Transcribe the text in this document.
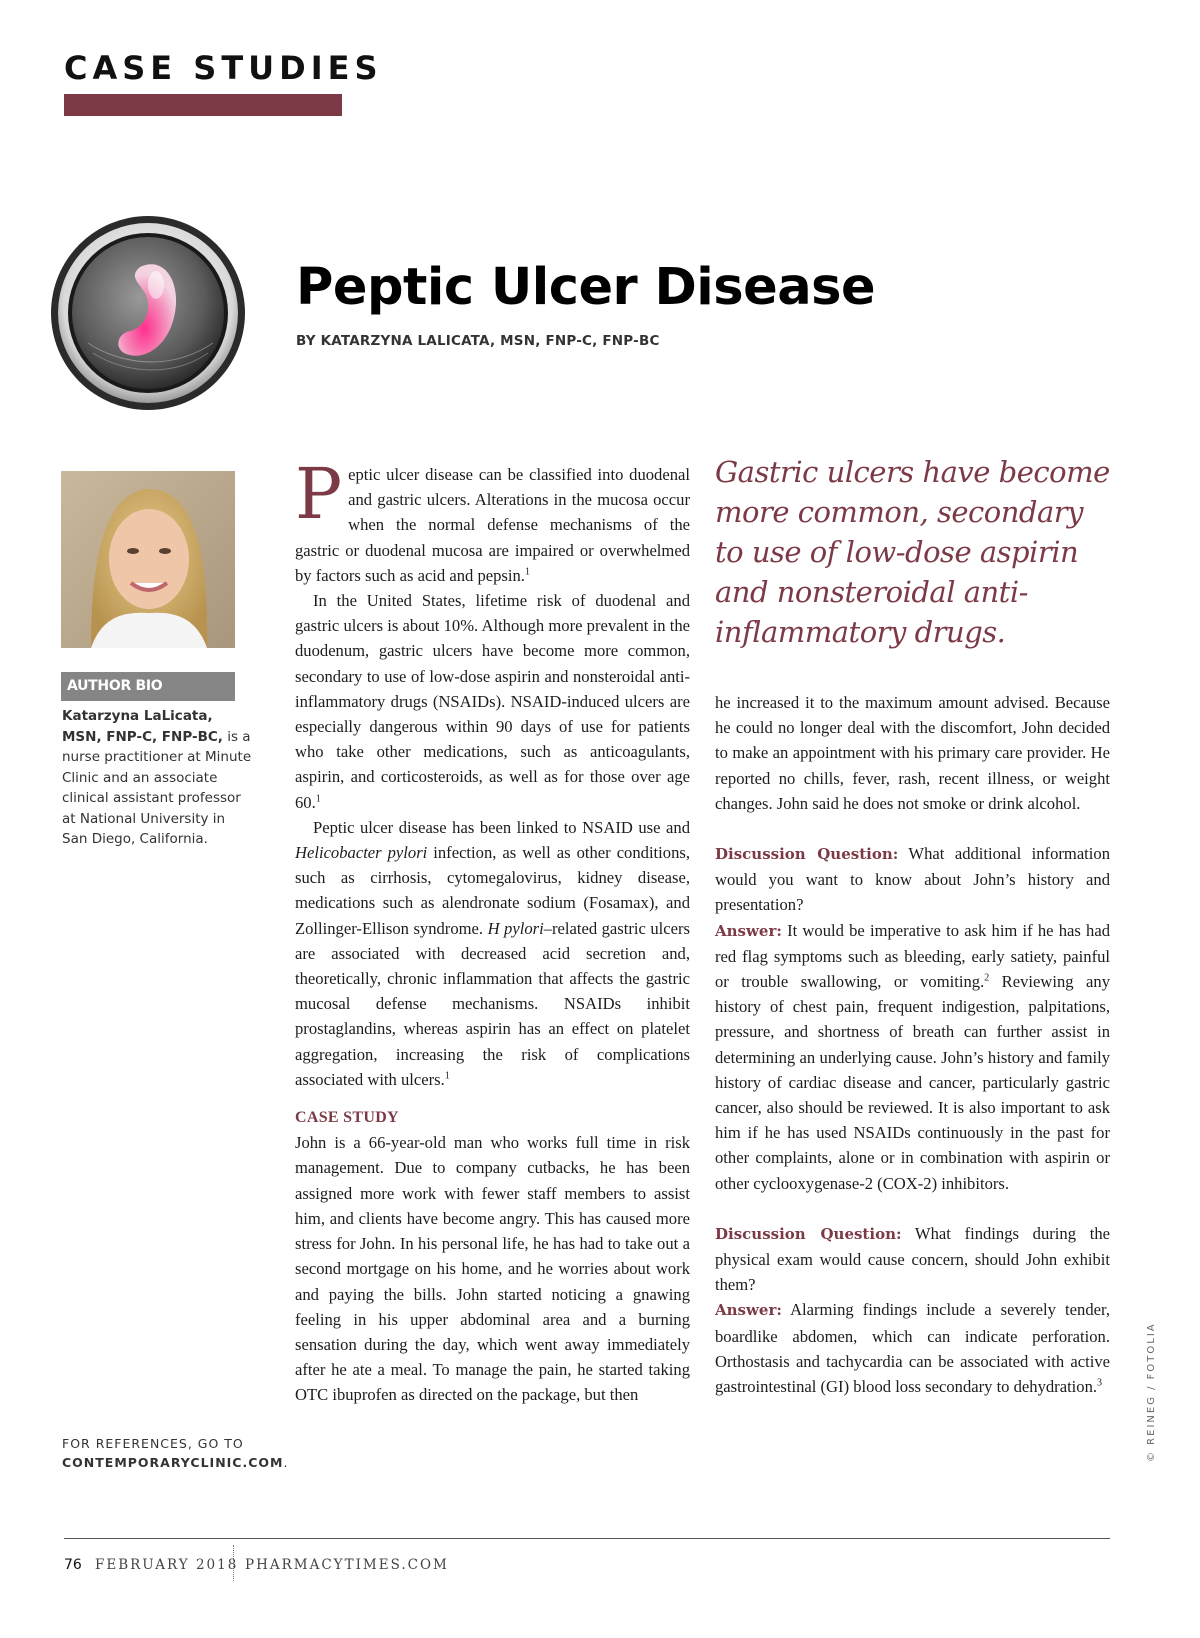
CASE STUDIES
Peptic Ulcer Disease

BY KATARZYNA LALICATA, MSN, FNP-C, FNP-BC

AUTHOR BIO

Katarzyna LaLicata, MSN, FNP-C, FNP-BC, is a nurse practitioner at Minute Clinic and an associate clinical assistant professor at National University in San Diego, California.

FOR REFERENCES, GO TO
CONTEMPORARYCLINIC.COM.

Peptic ulcer disease can be classified into duodenal and gastric ulcers. Alterations in the mucosa occur when the normal defense mechanisms of the gastric or duodenal mucosa are impaired or overwhelmed by factors such as acid and pepsin.$^1$

In the United States, lifetime risk of duodenal and gastric ulcers is about 10%. Although more prevalent in the duodenum, gastric ulcers have become more common, secondary to use of low-dose aspirin and nonsteroidal anti-inflammatory drugs (NSAIDs). NSAID-induced ulcers are especially dangerous within 90 days of use for patients who take other medications, such as anticoagulants, aspirin, and corticosteroids, as well as for those over age 60.$^1$

Peptic ulcer disease has been linked to NSAID use and Helicobacter pylori infection, as well as other conditions, such as cirrhosis, cytomegalovirus, kidney disease, medications such as alendronate sodium (Fosamax), and Zollinger-Ellison syndrome. H pylori–related gastric ulcers are associated with decreased acid secretion and, theoretically, chronic inflammation that affects the gastric mucosal defense mechanisms. NSAIDs inhibit prostaglandins, whereas aspirin has an effect on platelet aggregation, increasing the risk of complications associated with ulcers.$^1$

CASE STUDY

John is a 66-year-old man who works full time in risk management. Due to company cutbacks, he has been assigned more work with fewer staff members to assist him, and clients have become angry. This has caused more stress for John. In his personal life, he has had to take out a second mortgage on his home, and he worries about work and paying the bills. John started noticing a gnawing feeling in his upper abdominal area and a burning sensation during the day, which went away immediately after he ate a meal. To manage the pain, he started taking OTC ibuprofen as directed on the package, but then

Gastric ulcers have become more common, secondary to use of low-dose aspirin and nonsteroidal anti-inflammatory drugs.

he increased it to the maximum amount advised. Because he could no longer deal with the discomfort, John decided to make an appointment with his primary care provider. He reported no chills, fever, rash, recent illness, or weight changes. John said he does not smoke or drink alcohol.

Discussion Question: What additional information would you want to know about John’s history and presentation?

Answer: It would be imperative to ask him if he has had red flag symptoms such as bleeding, early satiety, painful or trouble swallowing, or vomiting.$^2$ Reviewing any history of chest pain, frequent indigestion, palpitations, pressure, and shortness of breath can further assist in determining an underlying cause. John’s history and family history of cardiac disease and cancer, particularly gastric cancer, also should be reviewed. It is also important to ask him if he has used NSAIDs continuously in the past for other complaints, alone or in combination with aspirin or other cyclooxygenase-2 (COX-2) inhibitors.

Discussion Question: What findings during the physical exam would cause concern, should John exhibit them?

Answer: Alarming findings include a severely tender, boardlike abdomen, which can indicate perforation. Orthostasis and tachycardia can be associated with active gastrointestinal (GI) blood loss secondary to dehydration.$^3$	© REINEG / FOTOLIA

76 FEBRUARY 2018 PHARMACYTIMES.COM
